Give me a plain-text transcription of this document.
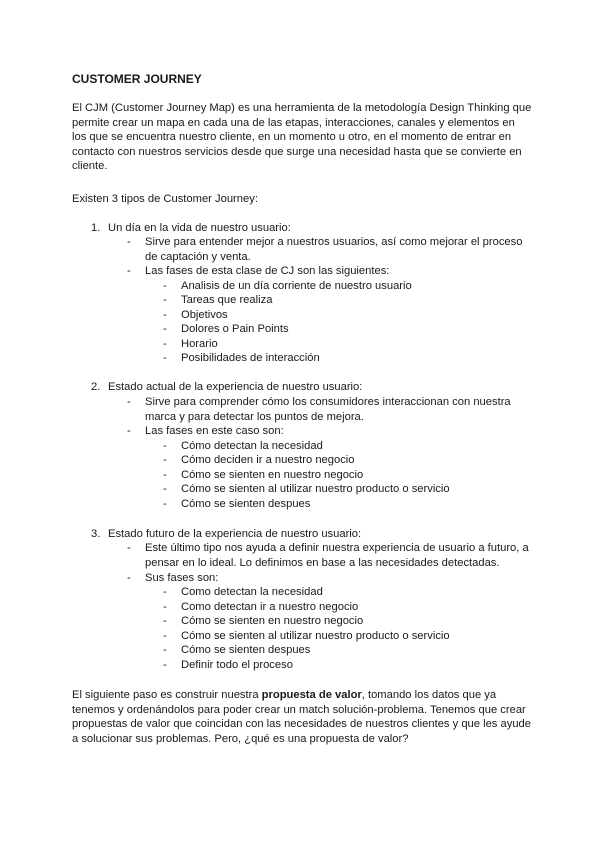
CUSTOMER JOURNEY

El CJM (Customer Journey Map) es una herramienta de la metodología Design Thinking que permite crear un mapa en cada una de las etapas, interacciones, canales y elementos en los que se encuentra nuestro cliente, en un momento u otro, en el momento de entrar en contacto con nuestros servicios desde que surge una necesidad hasta que se convierte en cliente.

Existen 3 tipos de Customer Journey:

1. Un día en la vida de nuestro usuario:
- Sirve para entender mejor a nuestros usuarios, así como mejorar el proceso de captación y venta.
- Las fases de esta clase de CJ son las siguientes:
- Analisis de un día corriente de nuestro usuario
- Tareas que realiza
- Objetivos
- Dolores o Pain Points
- Horario
- Posibilidades de interacción
2. Estado actual de la experiencia de nuestro usuario:
- Sirve para comprender cómo los consumidores interaccionan con nuestra marca y para detectar los puntos de mejora.
- Las fases en este caso son:
- Cómo detectan la necesidad
- Cómo deciden ir a nuestro negocio
- Cómo se sienten en nuestro negocio
- Cómo se sienten al utilizar nuestro producto o servicio
- Cómo se sienten despues
3. Estado futuro de la experiencia de nuestro usuario:
- Este último tipo nos ayuda a definir nuestra experiencia de usuario a futuro, a pensar en lo ideal. Lo definimos en base a las necesidades detectadas.
- Sus fases son:
- Como detectan la necesidad
- Como detectan ir a nuestro negocio
- Cómo se sienten en nuestro negocio
- Cómo se sienten al utilizar nuestro producto o servicio
- Cómo se sienten despues
- Definir todo el proceso

El siguiente paso es construir nuestra propuesta de valor, tomando los datos que ya tenemos y ordenándolos para poder crear un match solución-problema. Tenemos que crear propuestas de valor que coincidan con las necesidades de nuestros clientes y que les ayude a solucionar sus problemas. Pero, ¿qué es una propuesta de valor?
